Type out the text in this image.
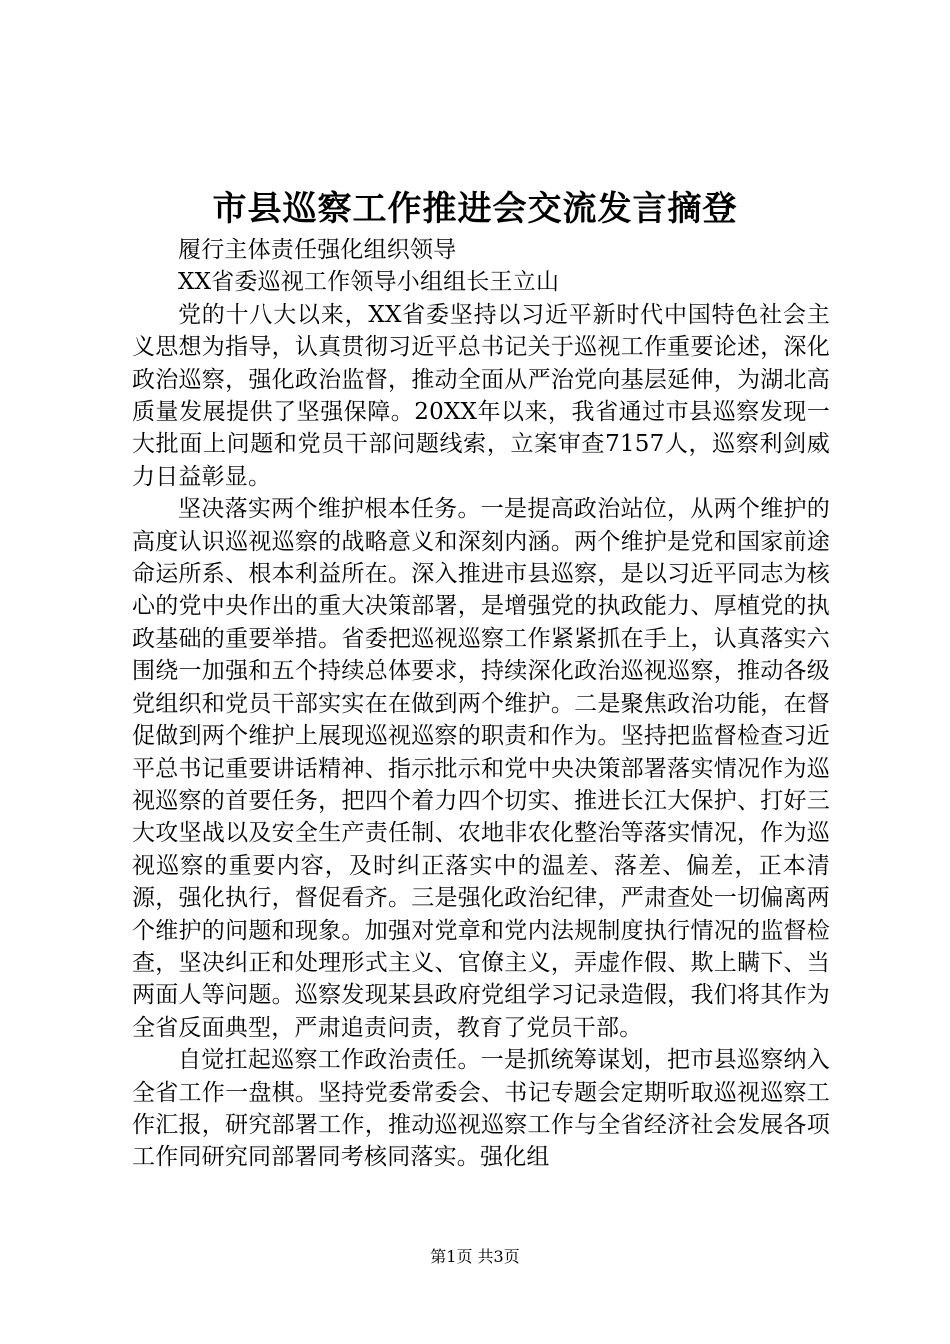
市县巡察工作推进会交流发言摘登

履行主体责任强化组织领导

XX省委巡视工作领导小组组长王立山

党的十八大以来，XX省委坚持以习近平新时代中国特色社会主义思想为指导，认真贯彻习近平总书记关于巡视工作重要论述，深化政治巡察，强化政治监督，推动全面从严治党向基层延伸，为湖北高质量发展提供了坚强保障。20XX年以来，我省通过市县巡察发现一大批面上问题和党员干部问题线索，立案审查7157人，巡察利剑威力日益彰显。

坚决落实两个维护根本任务。一是提高政治站位，从两个维护的高度认识巡视巡察的战略意义和深刻内涵。两个维护是党和国家前途命运所系、根本利益所在。深入推进市县巡察，是以习近平同志为核心的党中央作出的重大决策部署，是增强党的执政能力、厚植党的执政基础的重要举措。省委把巡视巡察工作紧紧抓在手上，认真落实六围绕一加强和五个持续总体要求，持续深化政治巡视巡察，推动各级党组织和党员干部实实在在做到两个维护。二是聚焦政治功能，在督促做到两个维护上展现巡视巡察的职责和作为。坚持把监督检查习近平总书记重要讲话精神、指示批示和党中央决策部署落实情况作为巡视巡察的首要任务，把四个着力四个切实、推进长江大保护、打好三大攻坚战以及安全生产责任制、农地非农化整治等落实情况，作为巡视巡察的重要内容，及时纠正落实中的温差、落差、偏差，正本清源，强化执行，督促看齐。三是强化政治纪律，严肃查处一切偏离两个维护的问题和现象。加强对党章和党内法规制度执行情况的监督检查，坚决纠正和处理形式主义、官僚主义，弄虚作假、欺上瞒下、当两面人等问题。巡察发现某县政府党组学习记录造假，我们将其作为全省反面典型，严肃追责问责，教育了党员干部。

自觉扛起巡察工作政治责任。一是抓统筹谋划，把市县巡察纳入全省工作一盘棋。坚持党委常委会、书记专题会定期听取巡视巡察工作汇报，研究部署工作，推动巡视巡察工作与全省经济社会发展各项工作同研究同部署同考核同落实。强化组

第1页 共3页
